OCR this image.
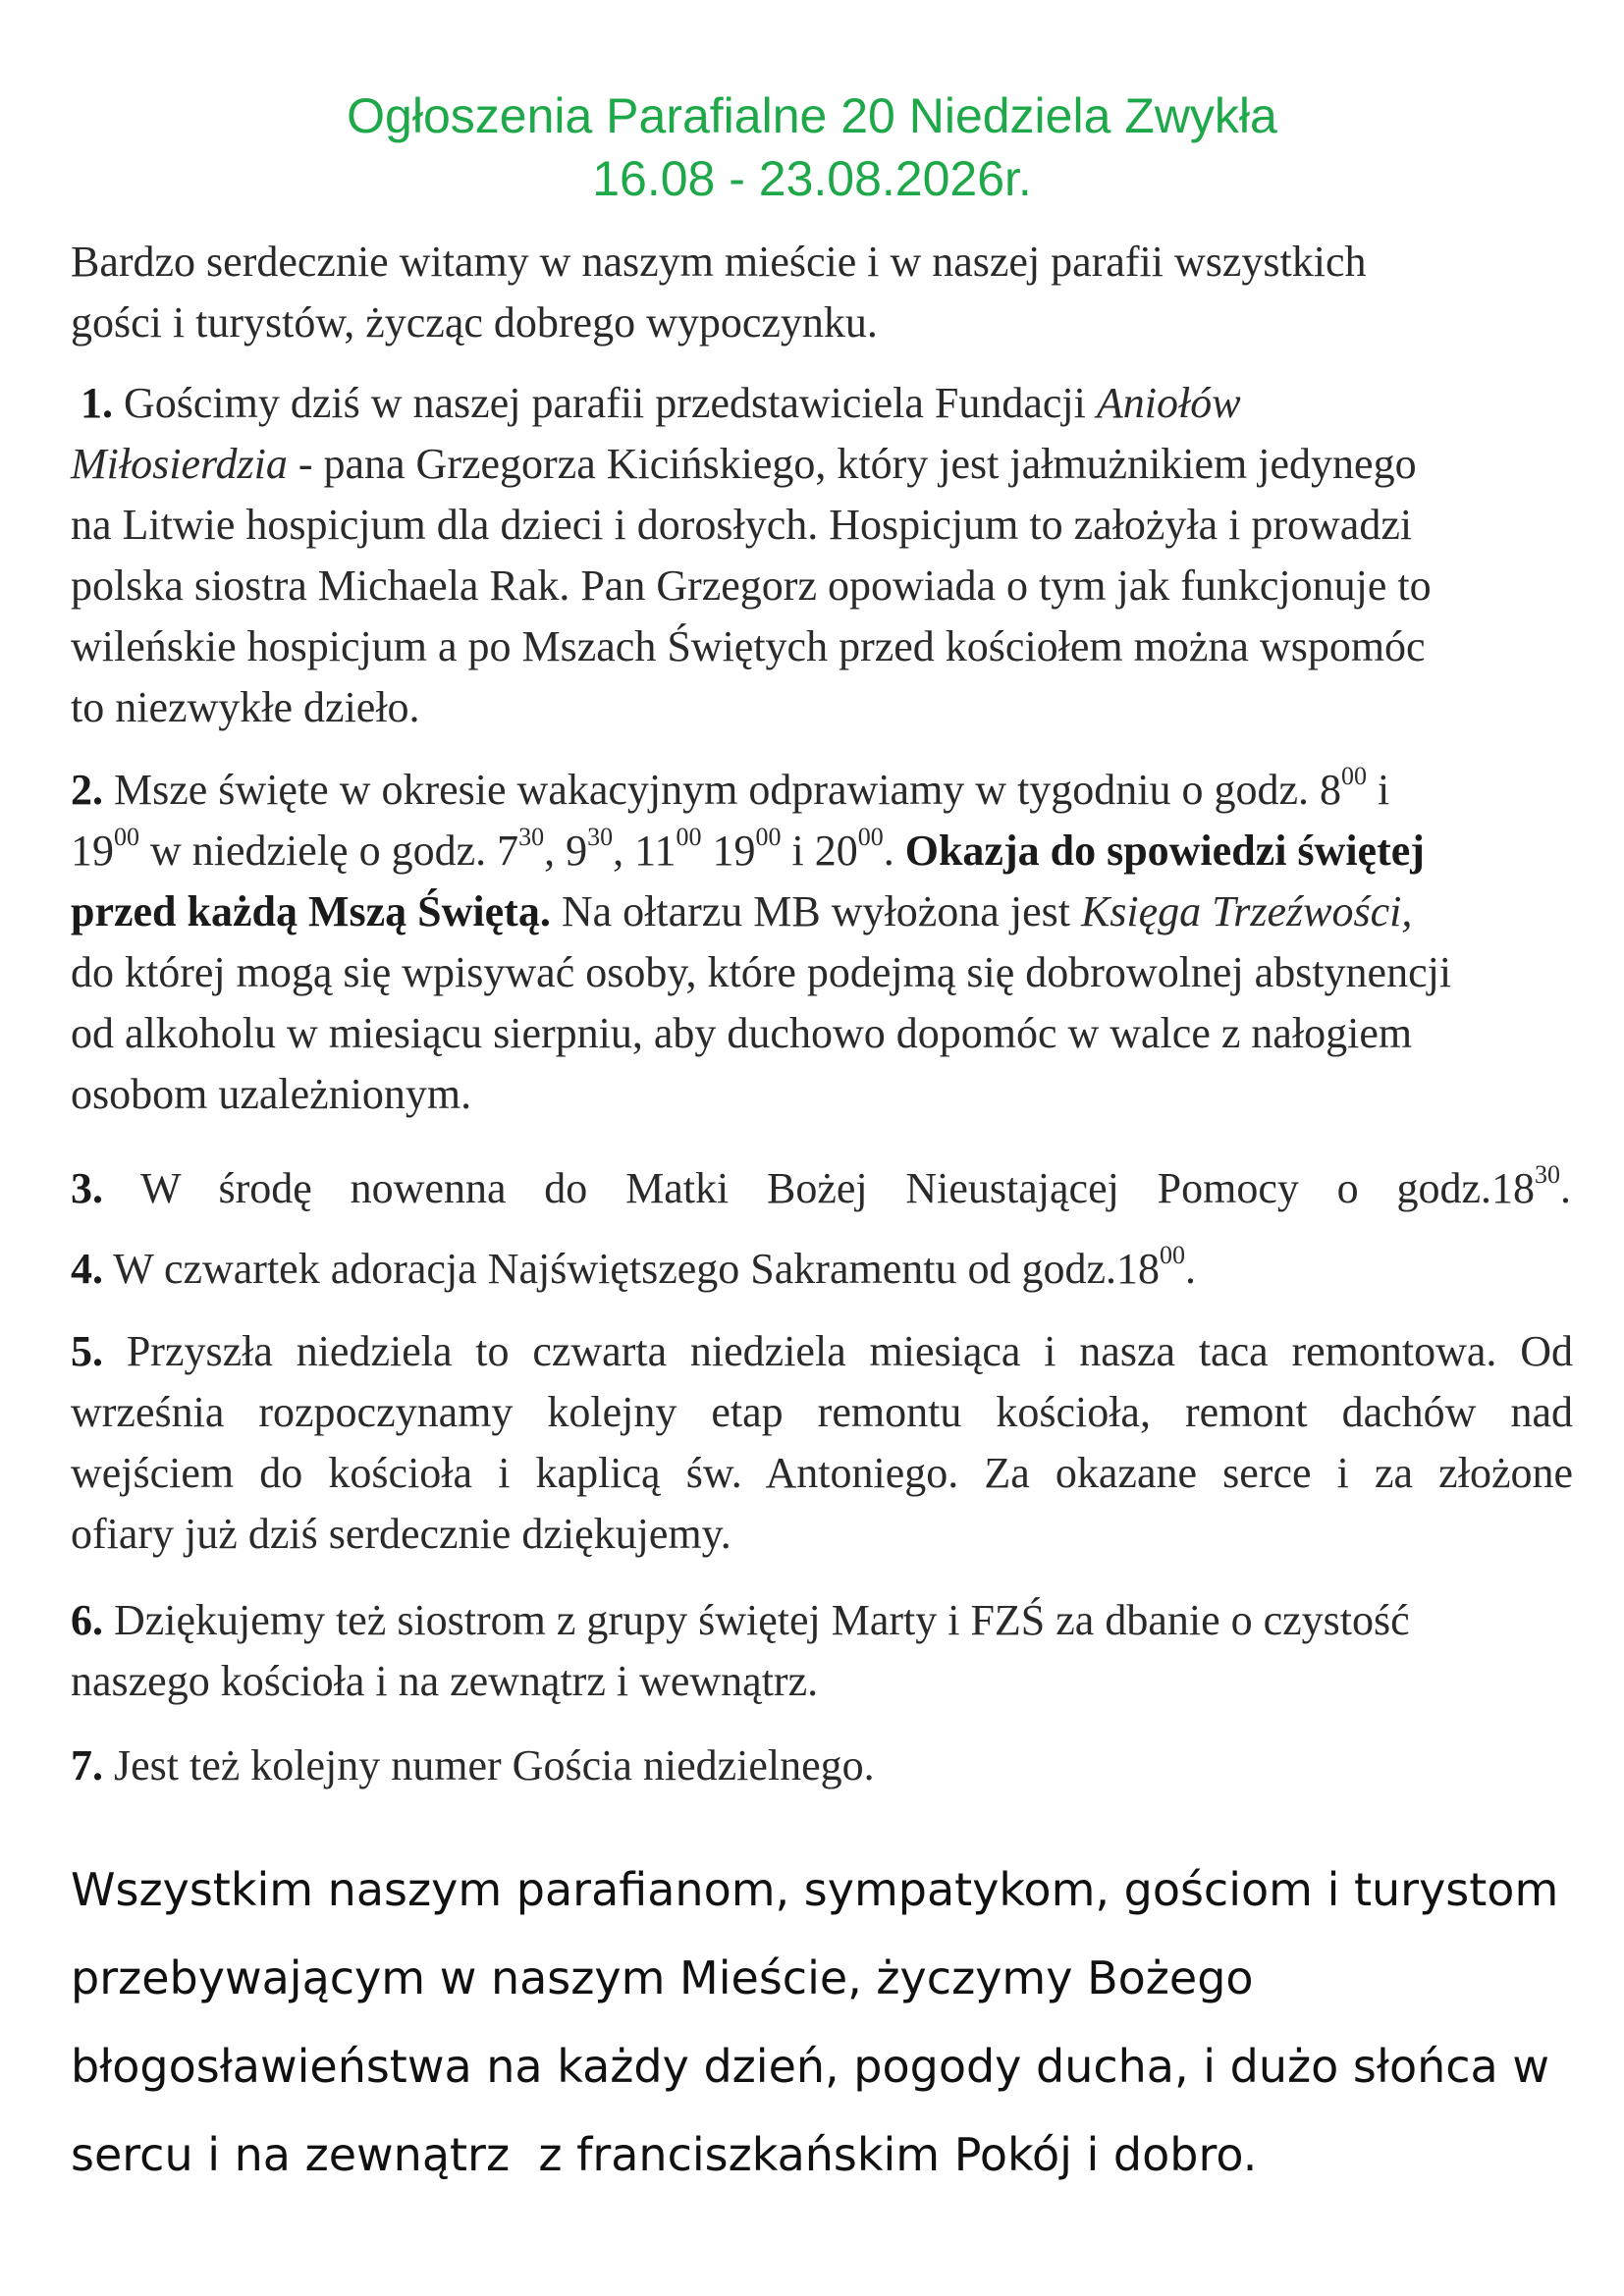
Ogłoszenia Parafialne 20 Niedziela Zwykła
16.08 - 23.08.2026r.
Bardzo serdecznie witamy w naszym mieście i w naszej parafii wszystkich
gości i turystów, życząc dobrego wypoczynku.
1. Gościmy dziś w naszej parafii przedstawiciela Fundacji Aniołów
Miłosierdzia - pana Grzegorza Kicińskiego, który jest jałmużnikiem jedynego
na Litwie hospicjum dla dzieci i dorosłych. Hospicjum to założyła i prowadzi
polska siostra Michaela Rak. Pan Grzegorz opowiada o tym jak funkcjonuje to
wileńskie hospicjum a po Mszach Świętych przed kościołem można wspomóc
to niezwykłe dzieło.
2. Msze święte w okresie wakacyjnym odprawiamy w tygodniu o godz. $8^{00}$ i
$19^{00}$ w niedzielę o godz. $7^{30}$, $9^{30}$, $11^{00}$ $19^{00}$ i $20^{00}$. Okazja do spowiedzi świętej
przed każdą Mszą Świętą. Na ołtarzu MB wyłożona jest Księga Trzeźwości,
do której mogą się wpisywać osoby, które podejmą się dobrowolnej abstynencji
od alkoholu w miesiącu sierpniu, aby duchowo dopomóc w walce z nałogiem
osobom uzależnionym.
3. W środę nowenna do Matki Bożej Nieustającej Pomocy o $godz.18^{30}$.
4. W czwartek adoracja Najświętszego Sakramentu od $godz.18^{00}$.
5. Przyszła niedziela to czwarta niedziela miesiąca i nasza taca remontowa. Od
września rozpoczynamy kolejny etap remontu kościoła, remont dachów nad
wejściem do kościoła i kaplicą św. Antoniego. Za okazane serce i za złożone
ofiary już dziś serdecznie dziękujemy.
6. Dziękujemy też siostrom z grupy świętej Marty i FZŚ za dbanie o czystość
naszego kościoła i na zewnątrz i wewnątrz.
7. Jest też kolejny numer Gościa niedzielnego.
Wszystkim naszym parafianom, sympatykom, gościom i turystom
przebywającym w naszym Mieście, życzymy Bożego
błogosławieństwa na każdy dzień, pogody ducha, i dużo słońca w
sercu i na zewnątrz  z franciszkańskim Pokój i dobro.
